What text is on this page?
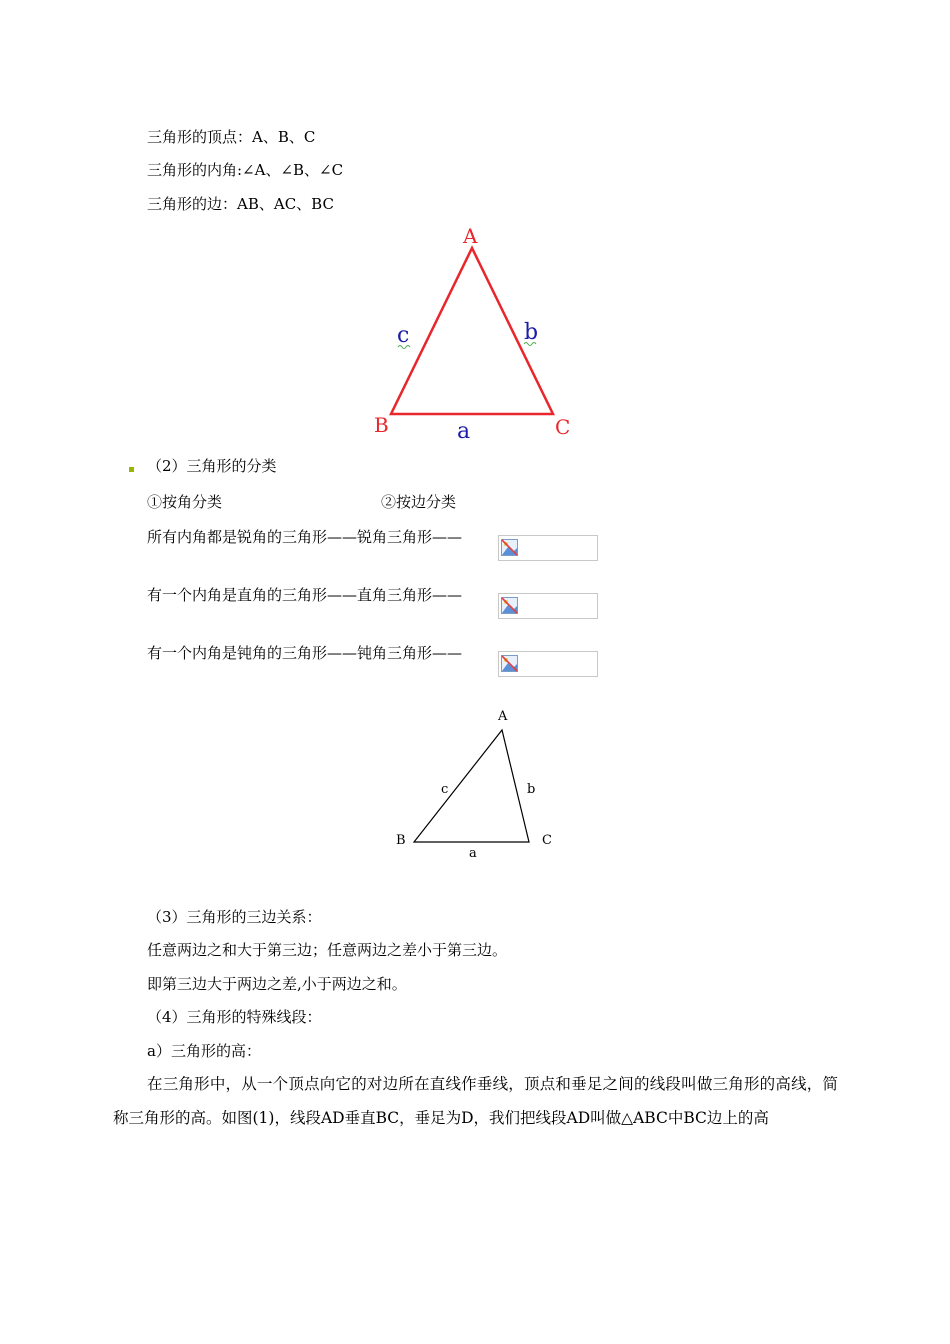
三角形的顶点：A、B、C
三角形的内角:∠A、∠B、∠C
三角形的边：AB、AC、BC
A
B	C
a
b
c
（2）三角形的分类
①按角分类	②按边分类
所有内角都是锐角的三角形——锐角三角形——
有一个内角是直角的三角形——直角三角形——
有一个内角是钝角的三角形——钝角三角形——
A
B	C
a
b
c
（3）三角形的三边关系：
任意两边之和大于第三边；任意两边之差小于第三边。
即第三边大于两边之差,小于两边之和。
（4）三角形的特殊线段：
a）三角形的高：
在三角形中，从一个顶点向它的对边所在直线作垂线，顶点和垂足之间的线段叫做三角形的高线，简称三角形的高。如图(1)，线段AD垂直BC，垂足为D，我们把线段AD叫做△ABC中BC边上的高
